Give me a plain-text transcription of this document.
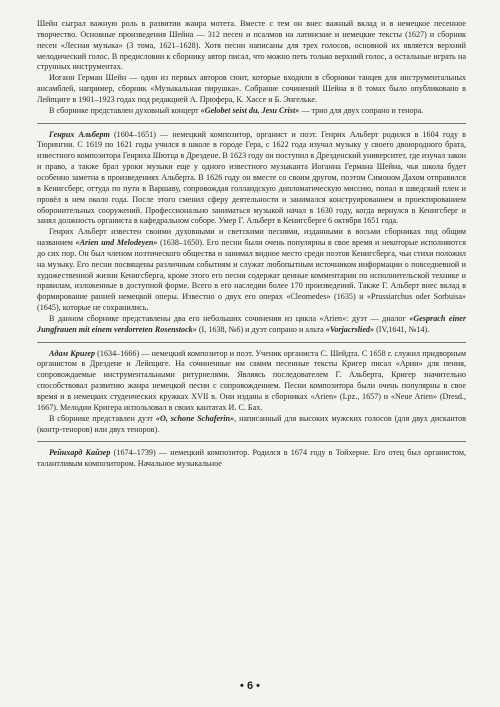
Шейн сыграл важную роль в развитии жанра мотета. Вместе с тем он внес важный вклад и в немецкое песенное творчество. Основные произведения Шейна — 312 песен и псалмов на латинские и немецкие тексты (1627) и сборник песен «Лесная музыка» (3 тома, 1621–1628). Хотя песни написаны для трех голосов, основной их является верхний мелодический голос. В предисловии к сборнику автор писал, что можно петь только верхний голос, а остальные играть на струнных инструментах.

Иоганн Герман Шейн — один из первых авторов сюит, которые входили в сборники танцев для инструментальных ансамблей, например, сборник «Музыкальная пирушка». Собрание сочинений Шейна в 8 томах было опубликовано в Лейпциге в 1901–1923 годах под редакцией А. Прюфера, К. Хассе и Б. Энгельке.

В сборнике представлен духовный концерт «Gelobet seist du, Jesu Crist» — трио для двух сопрано и тенора.

Генрих Альберт (1604–1651) — немецкий композитор, органист и поэт. Генрих Альберт родился в 1604 году в Тюрингии. С 1619 по 1621 годы учился в школе в городе Гера, с 1622 года изучал музыку у своего двоюродного брата, известного композитора Генриха Шютца в Дрездене. В 1623 году он поступил в Дрезденский университет, где изучал закон и право, а также брал уроки музыки еще у одного известного музыканта Иоганна Германа Шейна, чья школа будет особенно заметна в произведениях Альберта. В 1626 году он вместе со своим другом, поэтом Симоном Дахом отправился в Кенигсберг, оттуда по пути в Варшаву, сопровождая голландскую дипломатическую миссию, попал в шведский плен и провёл в нем около года. После этого сменил сферу деятельности и занимался конструированием и проектированием оборонительных сооружений. Профессионально заниматься музыкой начал в 1630 году, когда вернулся в Кенигсберг и занял должность органиста в кафедральном соборе. Умер Г. Альберт в Кенигсберге 6 октября 1651 года.

Генрих Альберт известен своими духовными и светскими песнями, изданными в восьми сборниках под общим названием «Arien und Melodeyen» (1638–1650). Его песни были очень популярны в свое время и некоторые исполняются до сих пор. Он был членом поэтического общества и занимал видное место среди поэтов Кенигсберга, чьи стихи положил на музыку. Его песни посвящены различным событиям и служат любопытным источником информации о повседневной и художественной жизни Кенигсберга, кроме этого его песни содержат ценные комментарии по исполнительской технике и правилам, изложенные в доступной форме. Всего в его наследии более 170 произведений. Также Г. Альберт внес вклад в формирование ранней немецкой оперы. Известно о двух его операх «Cleomedes» (1635) и «Prussiarchus oder Sorbuisa» (1645), которые не сохранились.

В данном сборнике представлены два его небольших сочинения из цикла «Arien»: дуэт — диалог «Gesprach einer Jungfrauen mit einem verdorreten Rosenstock» (I, 1638, №6) и дуэт сопрано и альта «Vorjacrslied» (IV,1641, №14).

Адам Кригер (1634–1666) — немецкий композитор и поэт. Ученик органиста С. Шейдта. С 1658 г. служил придворным органистом в Дрездене и Лейпциге. На сочиненные им самим песенные тексты Кригер писал «Арии» для пения, сопровождаемые инструментальными ритурнелями. Являясь последователем Г. Альберта, Кригер значительно способствовал развитию жанра немецкой песни с сопровождением. Песни композитора были очень популярны в свое время и в немецких студенческих кружках XVII в. Они изданы в сборниках «Arien» (Lpz., 1657) и «Neue Arien» (Dresd., 1667). Мелодии Кригера использовал в своих кантатах И. С. Бах.

В сборнике представлен дуэт «O, schone Schaferin», написанный для высоких мужских голосов (для двух дискантов (контр-теноров) или двух теноров).

Рейнхард Кайзер (1674–1739) — немецкий композитор. Родился в 1674 году в Тойхерне. Его отец был органистом, талантливым композитором. Начальное музыкальное

• 6 •
